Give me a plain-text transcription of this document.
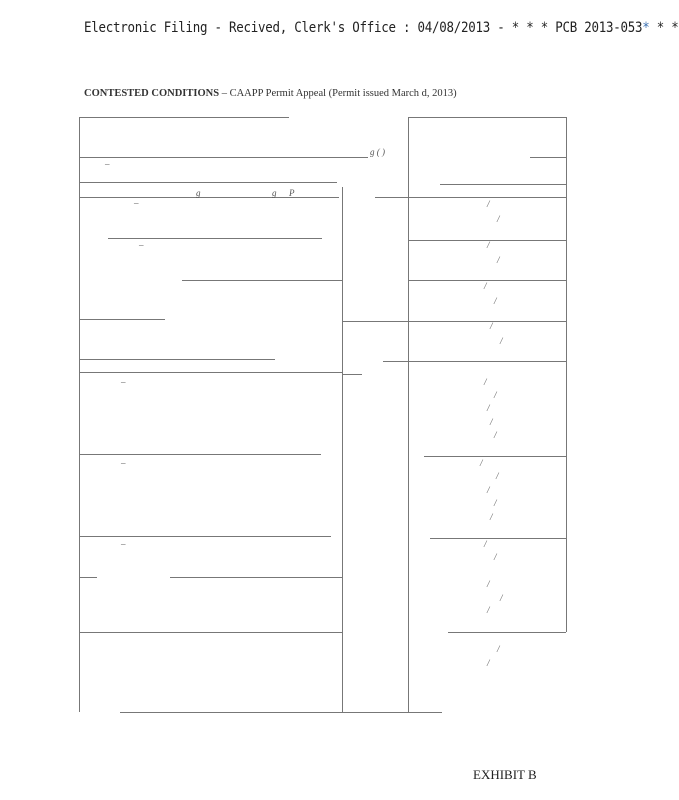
Electronic Filing - Recived, Clerk's Office : 04/08/2013 - * * * PCB 2013-053* * *
CONTESTED CONDITIONS – CAAPP Permit Appeal (Permit issued March d, 2013)
g ( )
g	g P
–
–
–
–
–
–
/
/
/
/
/
/
/
/
/
/
/
/
/
/
/
/
/
/
/
/
/
/
/
/
/
EXHIBIT B
